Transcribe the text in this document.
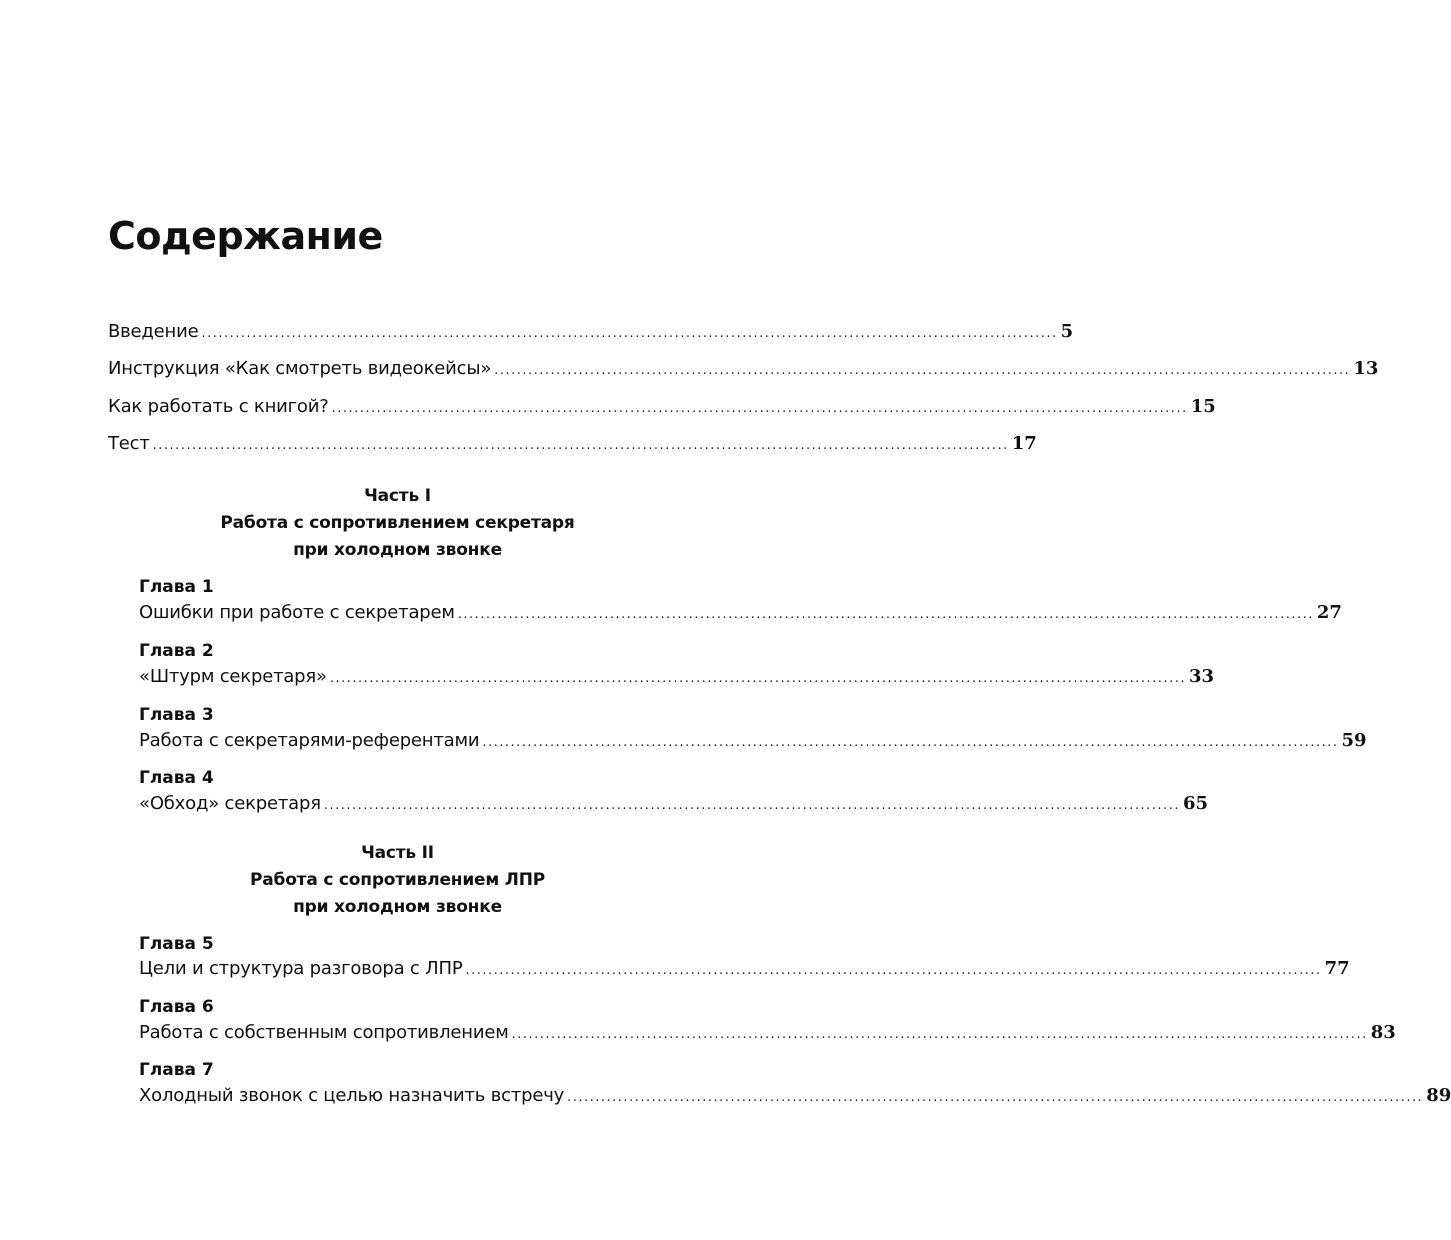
Содержание
Введение ........................................................................................................................................................ 5
Инструкция «Как смотреть видеокейсы» ........................................................................................................................................................ 13
Как работать с книгой? ........................................................................................................................................................ 15
Тест ........................................................................................................................................................ 17
Часть I
Работа с сопротивлением секретаря
при холодном звонке
Глава 1
Ошибки при работе с секретарем ........................................................................................................................................................ 27
Глава 2
«Штурм секретаря» ........................................................................................................................................................ 33
Глава 3
Работа с секретарями-референтами ........................................................................................................................................................ 59
Глава 4
«Обход» секретаря ........................................................................................................................................................ 65
Часть II
Работа с сопротивлением ЛПР
при холодном звонке
Глава 5
Цели и структура разговора с ЛПР ........................................................................................................................................................ 77
Глава 6
Работа с собственным сопротивлением ........................................................................................................................................................ 83
Глава 7
Холодный звонок с целью назначить встречу ........................................................................................................................................................ 89
